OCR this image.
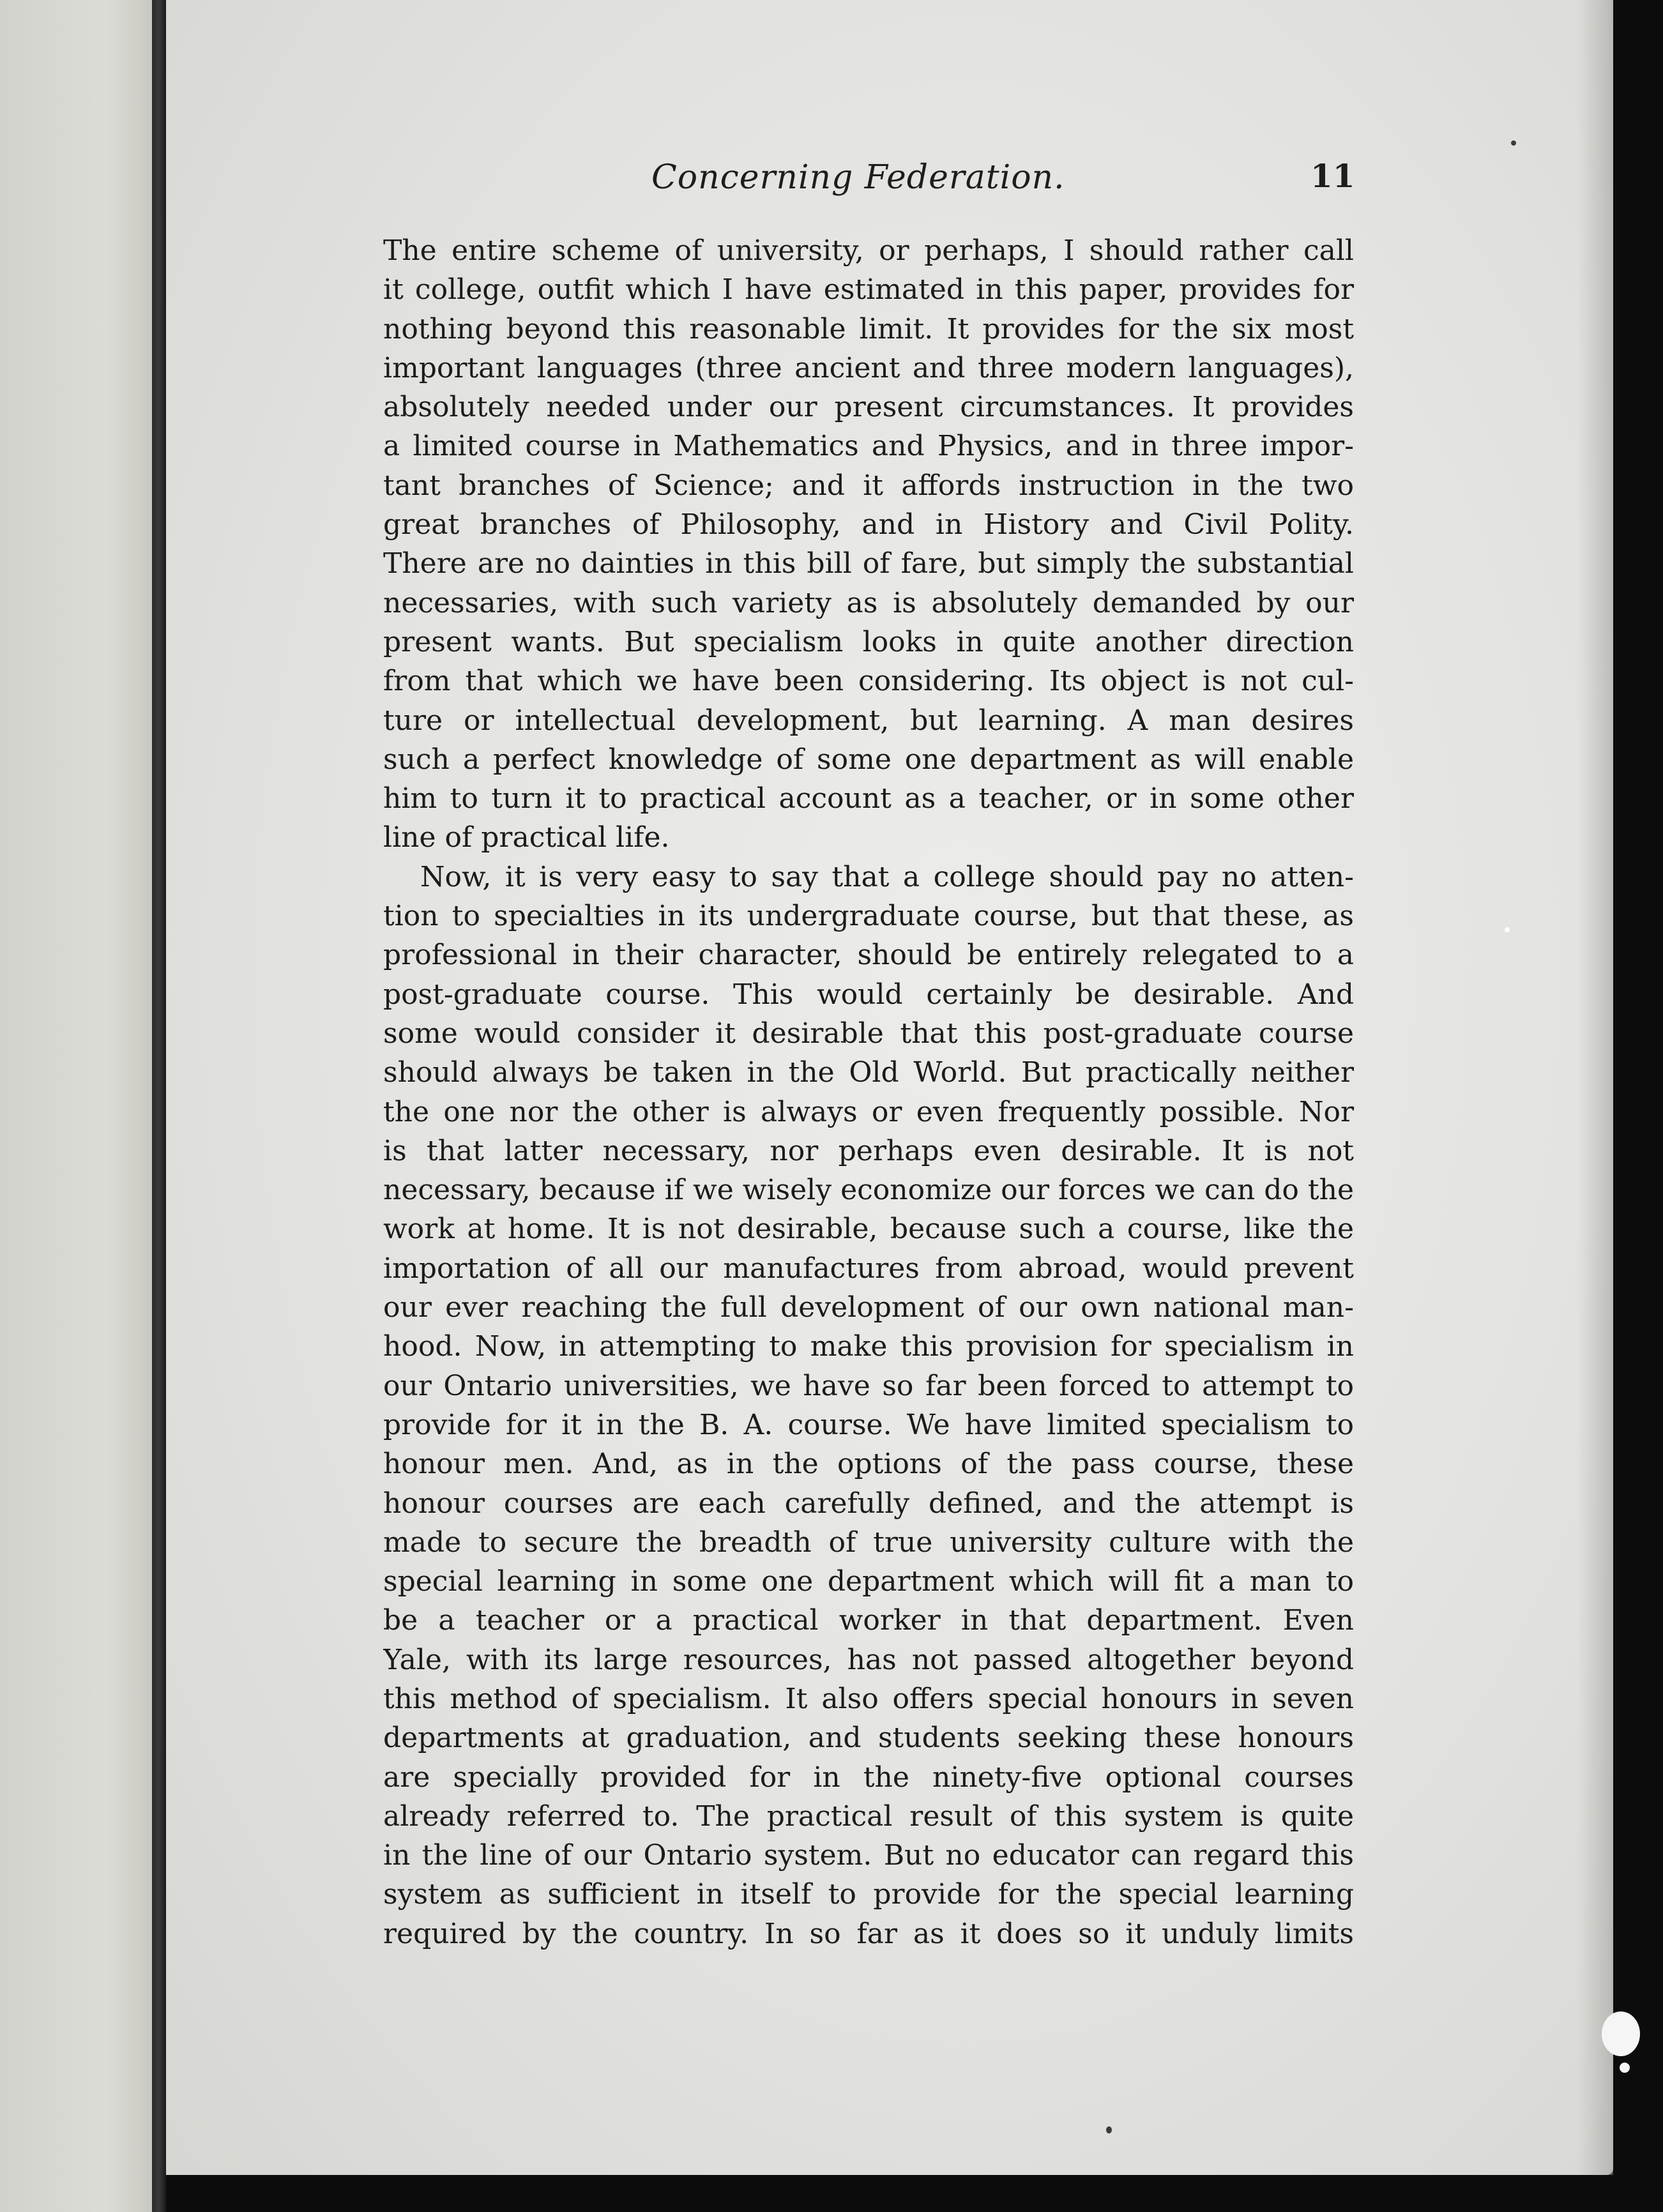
Concerning Federation.	11
The entire scheme of university, or perhaps, I should rather call
it college, outfit which I have estimated in this paper, provides for
nothing beyond this reasonable limit. It provides for the six most
important languages (three ancient and three modern languages),
absolutely needed under our present circumstances. It provides
a limited course in Mathematics and Physics, and in three impor-
tant branches of Science; and it affords instruction in the two
great branches of Philosophy, and in History and Civil Polity.
There are no dainties in this bill of fare, but simply the substantial
necessaries, with such variety as is absolutely demanded by our
present wants. But specialism looks in quite another direction
from that which we have been considering. Its object is not cul-
ture or intellectual development, but learning. A man desires
such a perfect knowledge of some one department as will enable
him to turn it to practical account as a teacher, or in some other
line of practical life.
Now, it is very easy to say that a college should pay no atten-
tion to specialties in its undergraduate course, but that these, as
professional in their character, should be entirely relegated to a
post-graduate course. This would certainly be desirable. And
some would consider it desirable that this post-graduate course
should always be taken in the Old World. But practically neither
the one nor the other is always or even frequently possible. Nor
is that latter necessary, nor perhaps even desirable. It is not
necessary, because if we wisely economize our forces we can do the
work at home. It is not desirable, because such a course, like the
importation of all our manufactures from abroad, would prevent
our ever reaching the full development of our own national man-
hood. Now, in attempting to make this provision for specialism in
our Ontario universities, we have so far been forced to attempt to
provide for it in the B. A. course. We have limited specialism to
honour men. And, as in the options of the pass course, these
honour courses are each carefully defined, and the attempt is
made to secure the breadth of true university culture with the
special learning in some one department which will fit a man to
be a teacher or a practical worker in that department. Even
Yale, with its large resources, has not passed altogether beyond
this method of specialism. It also offers special honours in seven
departments at graduation, and students seeking these honours
are specially provided for in the ninety-five optional courses
already referred to. The practical result of this system is quite
in the line of our Ontario system. But no educator can regard this
system as sufficient in itself to provide for the special learning
required by the country. In so far as it does so it unduly limits
